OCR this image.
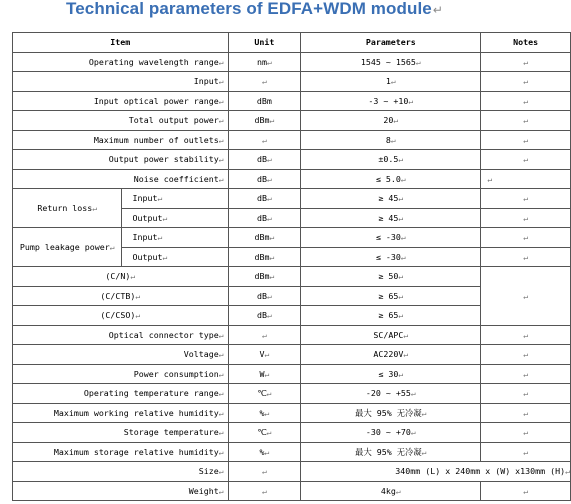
Technical parameters of EDFA+WDM module↵
Item		Unit	Parameters	Notes
Operating wavelength range↵		nm↵	1545 ~ 1565↵	↵
Input↵		↵	1↵	↵
Input optical power range↵		dBm	-3 ~ +10↵	↵
Total output power↵		dBm↵	20↵	↵
Maximum number of outlets↵		↵	8↵	↵
Output power stability↵		dB↵	±0.5↵	↵
Noise coefficient↵		dB↵	≤ 5.0↵	↵
Return loss↵	Input↵	dB↵	≥ 45↵	↵
	Output↵	dB↵	≥ 45↵	↵
Pump leakage power↵	Input↵	dBm↵	≤ -30↵	↵
	Output↵	dBm↵	≤ -30↵	↵
(C/N)↵		dBm↵	≥ 50↵	↵
(C/CTB)↵		dB↵	≥ 65↵	
(C/CSO)↵		dB↵	≥ 65↵	
Optical connector type↵		↵	SC/APC↵	↵
Voltage↵		V↵	AC220V↵	↵
Power consumption↵		W↵	≤ 30↵	↵
Operating temperature range↵		℃↵	-20 ~ +55↵	↵
Maximum working relative humidity↵		%↵	最大 95% 无冷凝↵	↵
Storage temperature↵		℃↵	-30 ~ +70↵	↵
Maximum storage relative humidity↵		%↵	最大 95% 无冷凝↵	↵
Size↵		↵	340mm (L) x 240mm x (W) x130mm (H)↵	
Weight↵		↵	4kg↵	↵
